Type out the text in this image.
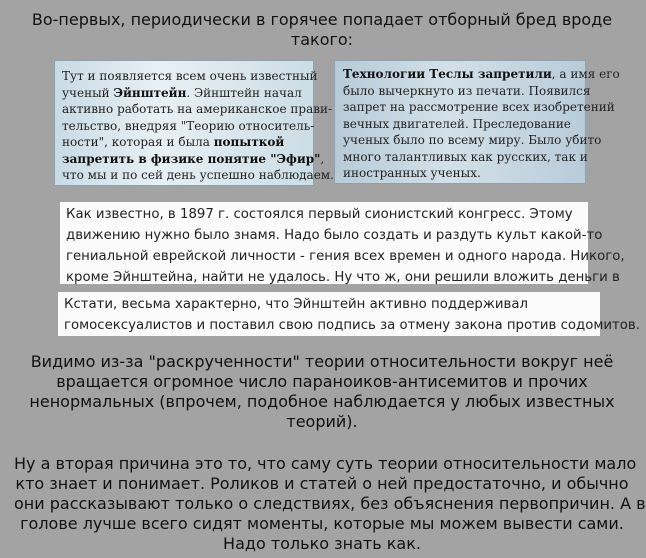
Во-первых, периодически в горячее попадает отборный бред вроде
такого:
Тут и появляется всем очень известный
ученый Эйнштейн. Эйнштейн начал
активно работать на американское прави-
тельство, внедряя "Теорию относитель-
ности", которая и была попыткой
запретить в физике понятие "Эфир",
что мы и по сей день успешно наблюдаем.
Технологии Теслы запретили, а имя его
было вычеркнуто из печати. Появился
запрет на рассмотрение всех изобретений
вечных двигателей. Преследование
ученых было по всему миру. Было убито
много талантливых как русских, так и
иностранных ученых.
Как известно, в 1897 г. состоялся первый сионистский конгресс. Этому
движению нужно было знамя. Надо было создать и раздуть культ какой-то
гениальной еврейской личности - гения всех времен и одного народа. Никого,
кроме Эйнштейна, найти не удалось. Ну что ж, они решили вложить деньги в
Кстати, весьма характерно, что Эйнштейн активно поддерживал
гомосексуалистов и поставил свою подпись за отмену закона против содомитов.
Видимо из-за "раскрученности" теории относительности вокруг неё
вращается огромное число параноиков-антисемитов и прочих
ненормальных (впрочем, подобное наблюдается у любых известных
теорий).
Ну а вторая причина это то, что саму суть теории относительности мало
кто знает и понимает. Роликов и статей о ней предостаточно, и обычно
они рассказывают только о следствиях, без объяснения первопричин. А в
голове лучше всего сидят моменты, которые мы можем вывести сами.
Надо только знать как.
